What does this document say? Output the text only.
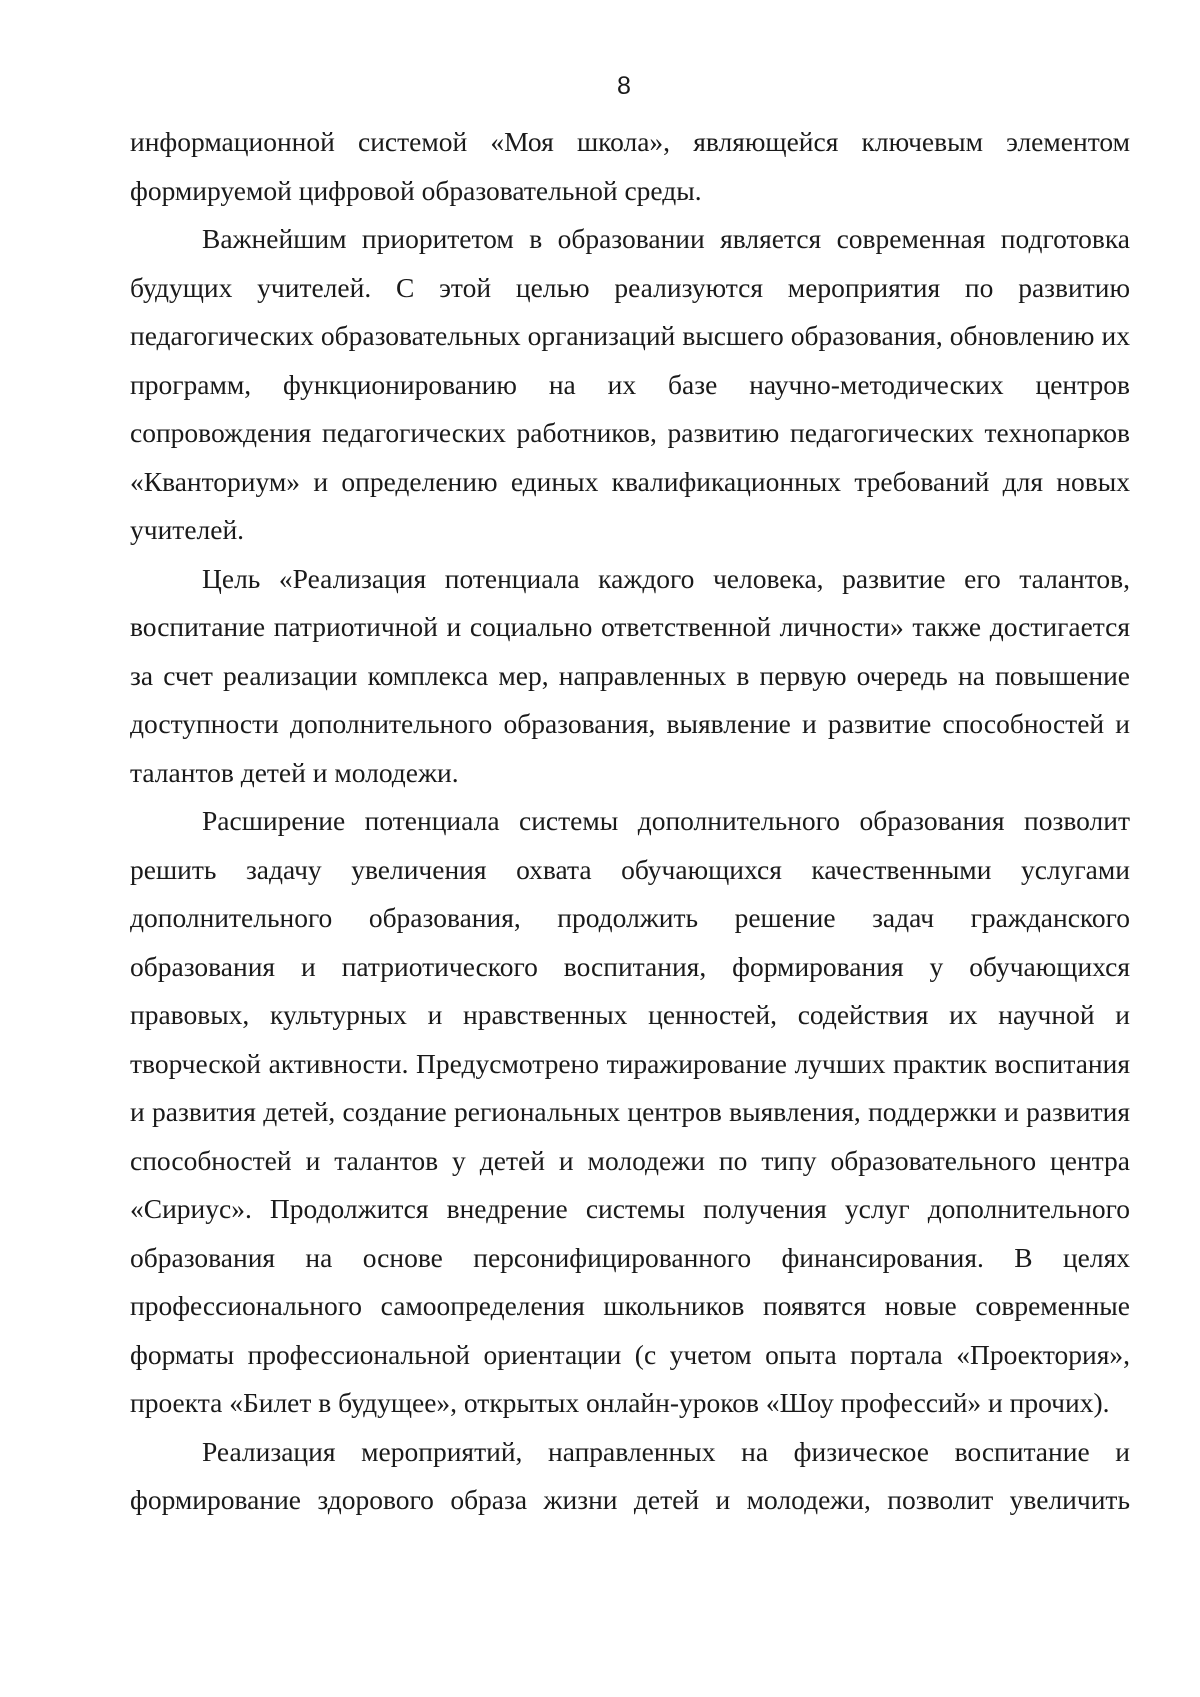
8

информационной системой «Моя школа», являющейся ключевым элементом формируемой цифровой образовательной среды.

Важнейшим приоритетом в образовании является современная подготовка будущих учителей. С этой целью реализуются мероприятия по развитию педагогических образовательных организаций высшего образования, обновлению их программ, функционированию на их базе научно-методических центров сопровождения педагогических работников, развитию педагогических технопарков «Кванториум» и определению единых квалификационных требований для новых учителей.

Цель «Реализация потенциала каждого человека, развитие его талантов, воспитание патриотичной и социально ответственной личности» также достигается за счет реализации комплекса мер, направленных в первую очередь на повышение доступности дополнительного образования, выявление и развитие способностей и талантов детей и молодежи.

Расширение потенциала системы дополнительного образования позволит решить задачу увеличения охвата обучающихся качественными услугами дополнительного образования, продолжить решение задач гражданского образования и патриотического воспитания, формирования у обучающихся правовых, культурных и нравственных ценностей, содействия их научной и творческой активности. Предусмотрено тиражирование лучших практик воспитания и развития детей, создание региональных центров выявления, поддержки и развития способностей и талантов у детей и молодежи по типу образовательного центра «Сириус». Продолжится внедрение системы получения услуг дополнительного образования на основе персонифицированного финансирования. В целях профессионального самоопределения школьников появятся новые современные форматы профессиональной ориентации (с учетом опыта портала «Проектория», проекта «Билет в будущее», открытых онлайн-уроков «Шоу профессий» и прочих).

Реализация мероприятий, направленных на физическое воспитание и формирование здорового образа жизни детей и молодежи, позволит увеличить
